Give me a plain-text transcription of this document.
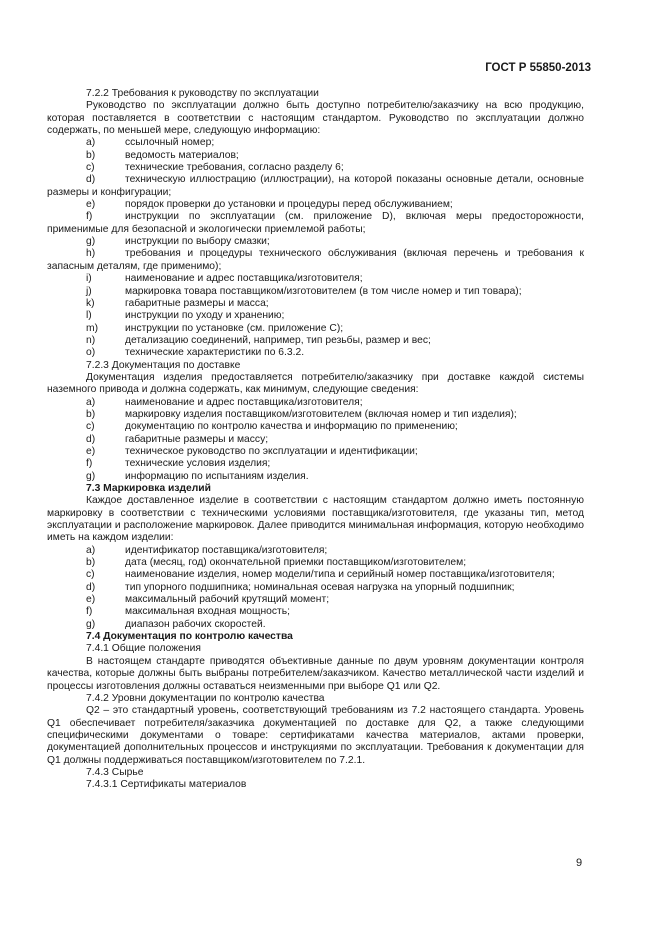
ГОСТ Р 55850-2013

7.2.2 Требования к руководству по эксплуатации

Руководство по эксплуатации должно быть доступно потребителю/заказчику на всю продукцию, которая поставляется в соответствии с настоящим стандартом. Руководство по эксплуатации должно содержать, по меньшей мере, следующую информацию:

a)	ссылочный номер;
b)	ведомость материалов;
c)	технические требования, согласно разделу 6;
d)	техническую иллюстрацию (иллюстрации), на которой показаны основные детали, основные размеры и конфигурации;
e)	порядок проверки до установки и процедуры перед обслуживанием;
f)	инструкции по эксплуатации (см. приложение D), включая меры предосторожности, применимые для безопасной и экологически приемлемой работы;
g)	инструкции по выбору смазки;
h)	требования и процедуры технического обслуживания (включая перечень и требования к запасным деталям, где применимо);
i)	наименование и адрес поставщика/изготовителя;
j)	маркировка товара поставщиком/изготовителем (в том числе номер и тип товара);
k)	габаритные размеры и масса;
l)	инструкции по уходу и хранению;
m)	инструкции по установке (см. приложение С);
n)	детализацию соединений, например, тип резьбы, размер и вес;
o)	технические характеристики по 6.3.2.

7.2.3 Документация по доставке

Документация изделия предоставляется потребителю/заказчику при доставке каждой системы наземного привода и должна содержать, как минимум, следующие сведения:

a)	наименование и адрес поставщика/изготовителя;
b)	маркировку изделия поставщиком/изготовителем (включая номер и тип изделия);
c)	документацию по контролю качества и информацию по применению;
d)	габаритные размеры и массу;
e)	техническое руководство по эксплуатации и идентификации;
f)	технические условия изделия;
g)	информацию по испытаниям изделия.

7.3 Маркировка изделий

Каждое доставленное изделие в соответствии с настоящим стандартом должно иметь постоянную маркировку в соответствии с техническими условиями поставщика/изготовителя, где указаны тип, метод эксплуатации и расположение маркировок. Далее приводится минимальная информация, которую необходимо иметь на каждом изделии:

a)	идентификатор поставщика/изготовителя;
b)	дата (месяц, год) окончательной приемки поставщиком/изготовителем;
c)	наименование изделия, номер модели/типа и серийный номер поставщика/изготовителя;
d)	тип упорного подшипника; номинальная осевая нагрузка на упорный подшипник;
e)	максимальный рабочий крутящий момент;
f)	максимальная входная мощность;
g)	диапазон рабочих скоростей.

7.4 Документация по контролю качества

7.4.1 Общие положения

В настоящем стандарте приводятся объективные данные по двум уровням документации контроля качества, которые должны быть выбраны потребителем/заказчиком. Качество металлической части изделий и процессы изготовления должны оставаться неизменными при выборе Q1 или Q2.

7.4.2 Уровни документации по контролю качества

Q2 – это стандартный уровень, соответствующий требованиям из 7.2 настоящего стандарта. Уровень Q1 обеспечивает потребителя/заказчика документацией по доставке для Q2, а также следующими специфическими документами о товаре: сертификатами качества материалов, актами проверки, документацией дополнительных процессов и инструкциями по эксплуатации. Требования к документации для Q1 должны поддерживаться поставщиком/изготовителем по 7.2.1.

7.4.3 Сырье

7.4.3.1 Сертификаты материалов

9
